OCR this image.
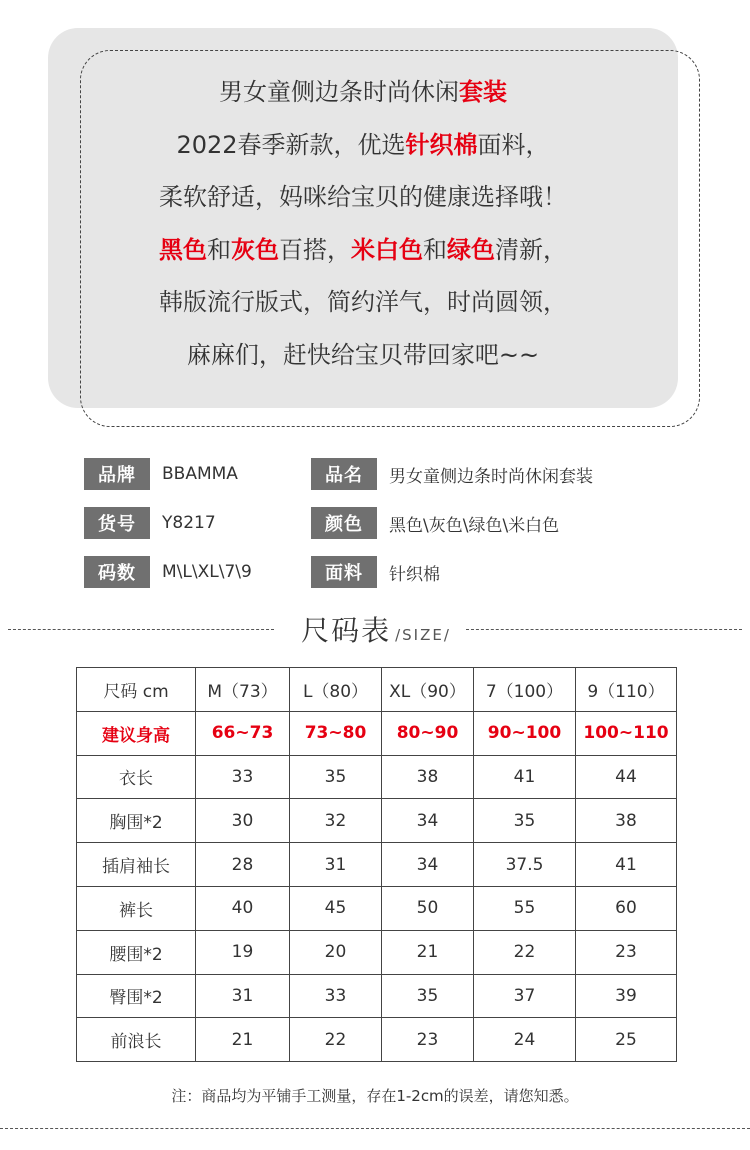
男女童侧边条时尚休闲套装
2022春季新款，优选针织棉面料，
柔软舒适，妈咪给宝贝的健康选择哦！
黑色和灰色百搭，米白色和绿色清新，
韩版流行版式，简约洋气，时尚圆领，
麻麻们，赶快给宝贝带回家吧~~
品牌	BBAMMA	品名	男女童侧边条时尚休闲套装
货号	Y8217	颜色	黑色\灰色\绿色\米白色
码数	M\L\XL\7\9	面料	针织棉
尺码表 /SIZE/
尺码 cm	M（73）	L（80）	XL（90）	7（100）	9（110）
建议身高	66~73	73~80	80~90	90~100	100~110
衣长	33	35	38	41	44
胸围*2	30	32	34	35	38
插肩袖长	28	31	34	37.5	41
裤长	40	45	50	55	60
腰围*2	19	20	21	22	23
臀围*2	31	33	35	37	39
前浪长	21	22	23	24	25
注：商品均为平铺手工测量，存在1-2cm的误差，请您知悉。
